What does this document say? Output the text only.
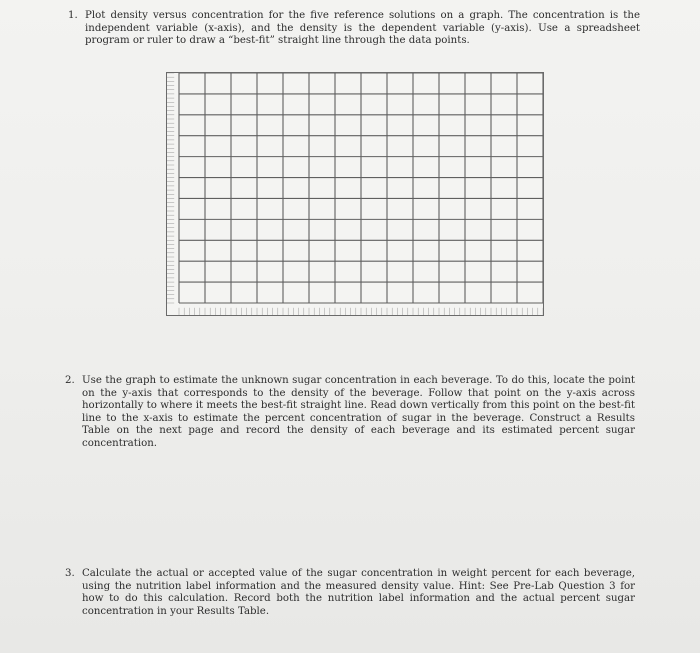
1. Plot density versus concentration for the five reference solutions on a graph. The concentration is the independent variable (x-axis), and the density is the dependent variable (y-axis). Use a spreadsheet program or ruler to draw a “best-fit” straight line through the data points.
2. Use the graph to estimate the unknown sugar concentration in each beverage. To do this, locate the point on the y-axis that corresponds to the density of the beverage. Follow that point on the y-axis across horizontally to where it meets the best-fit straight line. Read down vertically from this point on the best-fit line to the x-axis to estimate the percent concentration of sugar in the beverage. Construct a Results Table on the next page and record the density of each beverage and its estimated percent sugar concentration.
3. Calculate the actual or accepted value of the sugar concentration in weight percent for each beverage, using the nutrition label information and the measured density value. Hint: See Pre-Lab Question 3 for how to do this calculation. Record both the nutrition label information and the actual percent sugar concentration in your Results Table.
